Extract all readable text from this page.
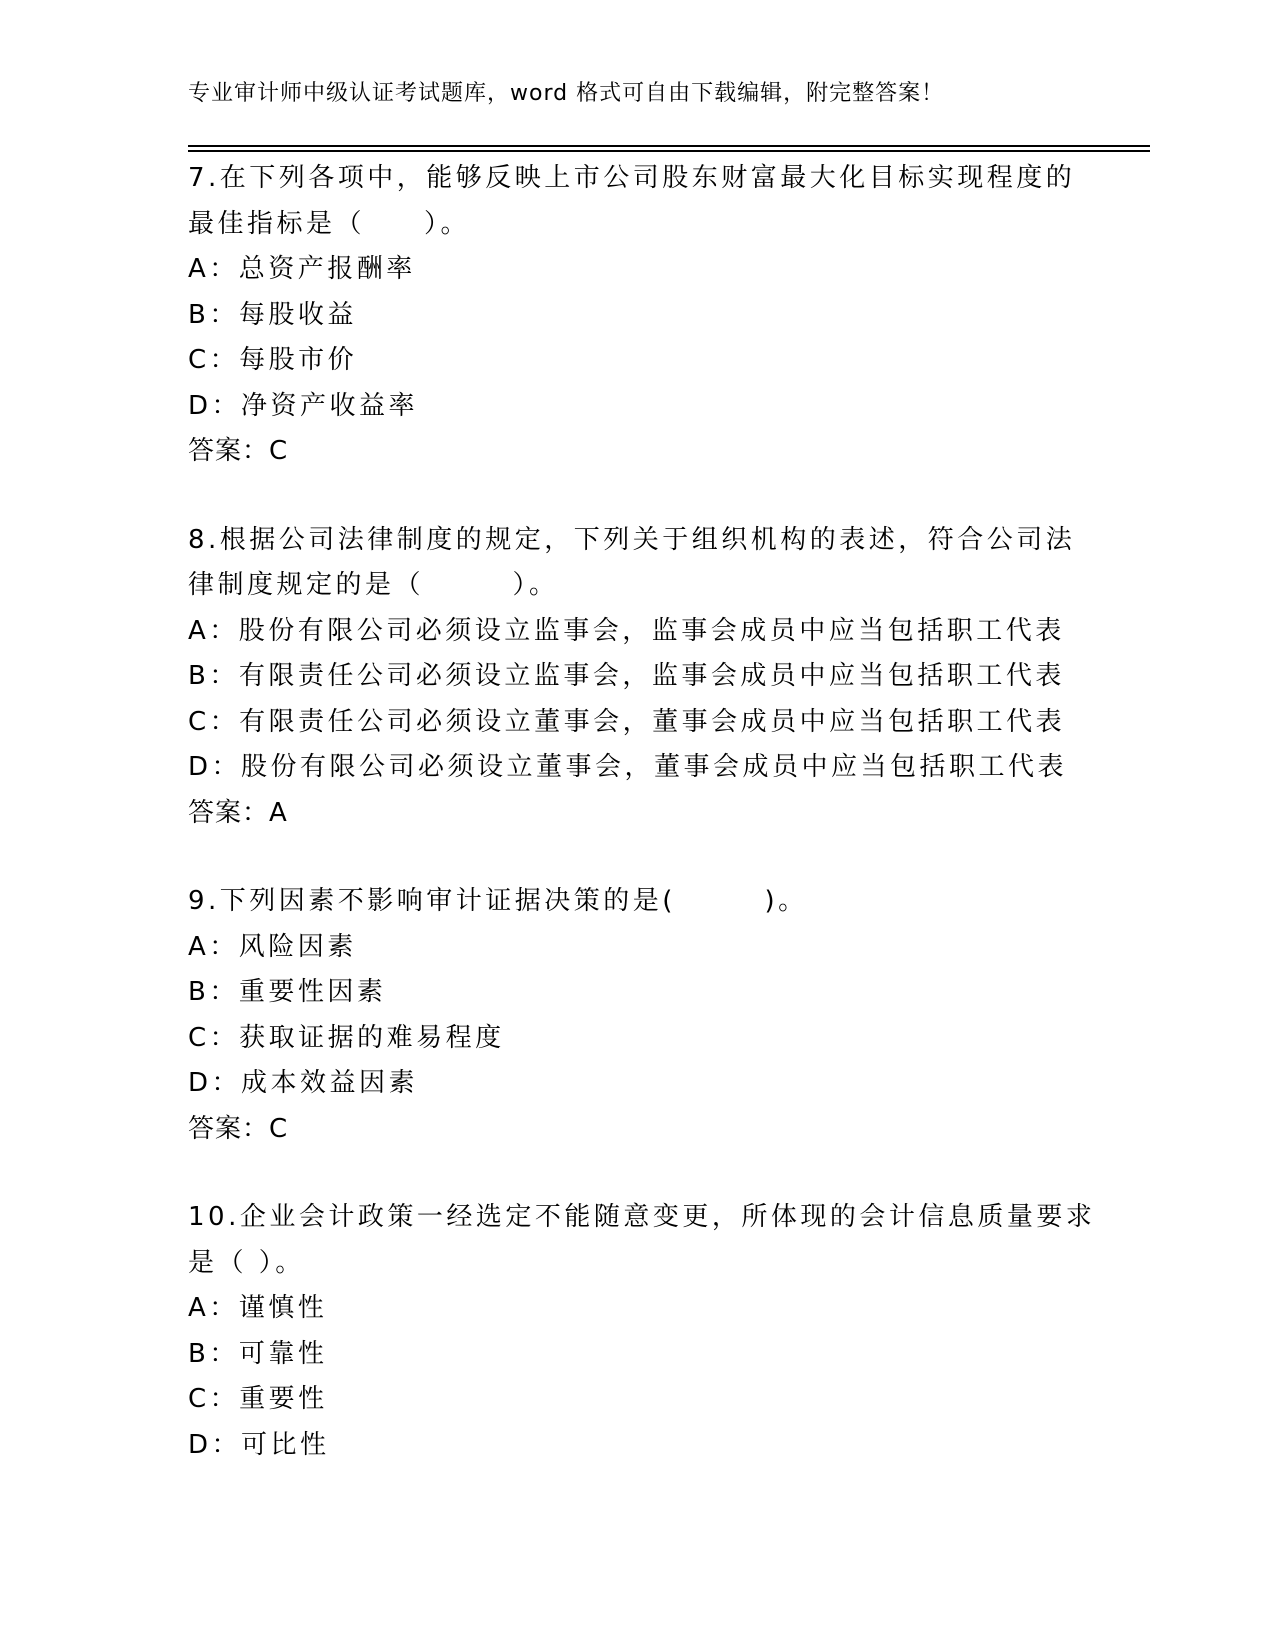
专业审计师中级认证考试题库，word 格式可自由下载编辑，附完整答案！
7.在下列各项中，能够反映上市公司股东财富最大化目标实现程度的
最佳指标是（　　）。
A：总资产报酬率
B：每股收益
C：每股市价
D：净资产收益率
答案：C
8.根据公司法律制度的规定，下列关于组织机构的表述，符合公司法
律制度规定的是（　　　）。
A：股份有限公司必须设立监事会，监事会成员中应当包括职工代表
B：有限责任公司必须设立监事会，监事会成员中应当包括职工代表
C：有限责任公司必须设立董事会，董事会成员中应当包括职工代表
D：股份有限公司必须设立董事会，董事会成员中应当包括职工代表
答案：A
9.下列因素不影响审计证据决策的是(　　　)。
A：风险因素
B：重要性因素
C：获取证据的难易程度
D：成本效益因素
答案：C
10.企业会计政策一经选定不能随意变更，所体现的会计信息质量要求
是（ ）。
A：谨慎性
B：可靠性
C：重要性
D：可比性
